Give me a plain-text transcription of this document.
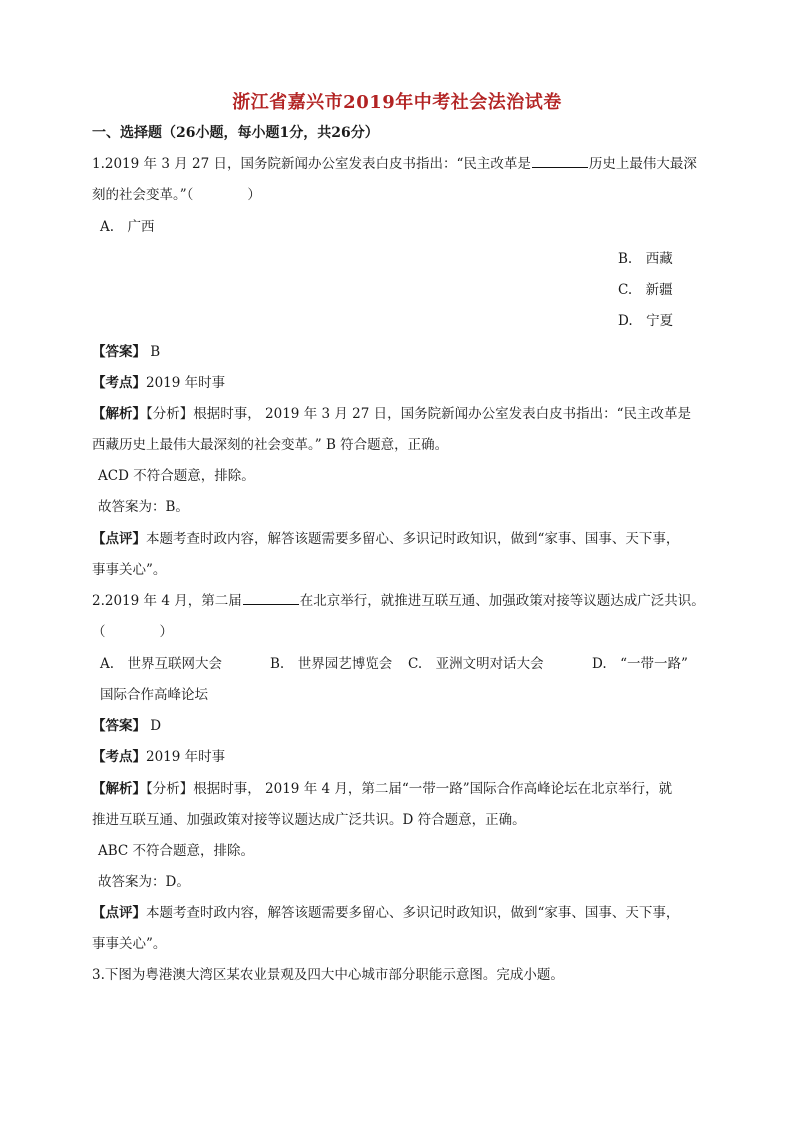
浙江省嘉兴市2019年中考社会法治试卷
一、选择题（26小题，每小题1分，共26分）
1.2019 年 3 月 27 日，国务院新闻办公室发表白皮书指出：“民主改革是	历史上最伟大最深
刻的社会变革。”（　　　　）
A.　广西
B.　西藏
C.　新疆
D.　宁夏
【答案】 B
【考点】2019 年时事
【解析】【分析】根据时事， 2019 年 3 月 27 日，国务院新闻办公室发表白皮书指出：“民主改革是
西藏历史上最伟大最深刻的社会变革。” B 符合题意，正确。
ACD 不符合题意，排除。
故答案为：B。
【点评】本题考查时政内容，解答该题需要多留心、多识记时政知识，做到“家事、国事、天下事，
事事关心”。
2.2019 年 4 月，第二届	在北京举行，就推进互联互通、加强政策对接等议题达成广泛共识。
（　　　　）
A.　世界互联网大会	B.　世界园艺博览会 C.　亚洲文明对话大会	D.　“一带一路”
国际合作高峰论坛
【答案】 D
【考点】2019 年时事
【解析】【分析】根据时事， 2019 年 4 月，第二届“一带一路”国际合作高峰论坛在北京举行，就
推进互联互通、加强政策对接等议题达成广泛共识。D 符合题意，正确。
ABC 不符合题意，排除。
故答案为：D。
【点评】本题考查时政内容，解答该题需要多留心、多识记时政知识，做到“家事、国事、天下事，
事事关心”。
3.下图为粤港澳大湾区某农业景观及四大中心城市部分职能示意图。完成小题。
